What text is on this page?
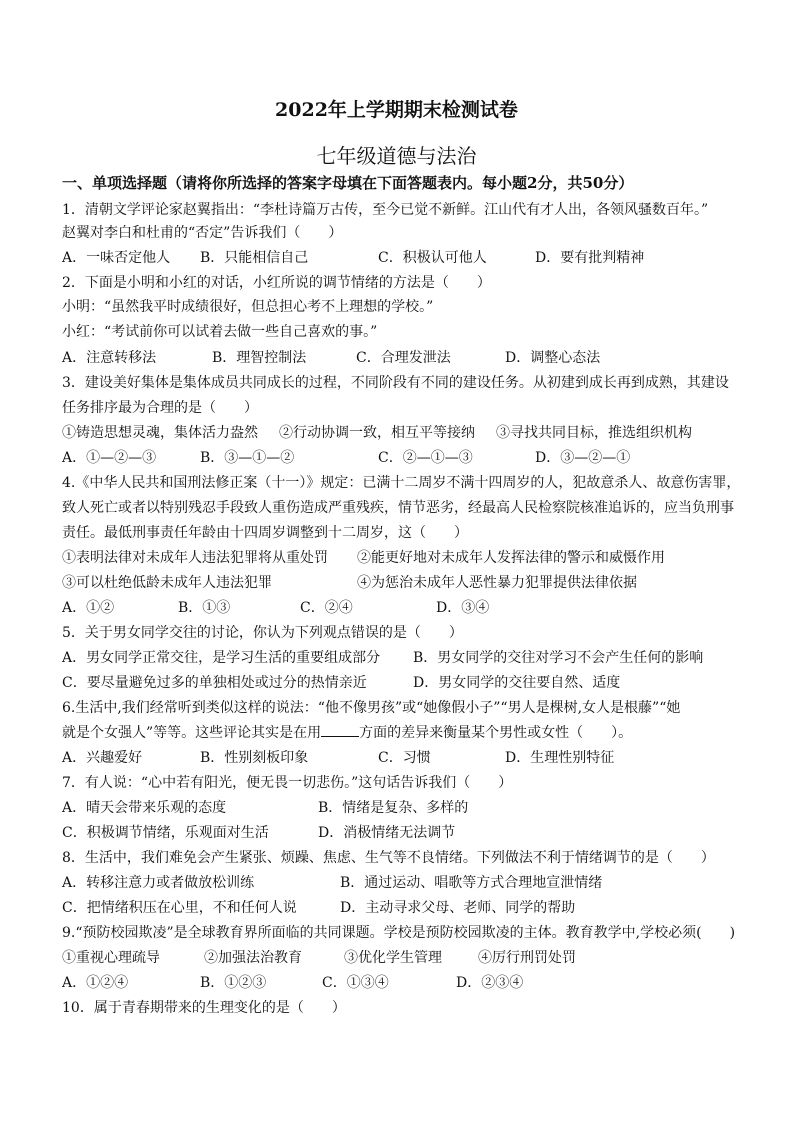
2022年上学期期末检测试卷
七年级道德与法治
一、单项选择题（请将你所选择的答案字母填在下面答题表内。每小题2分，共50分）
1．清朝文学评论家赵翼指出：“李杜诗篇万古传，至今已觉不新鲜。江山代有才人出，各领风骚数百年。”
赵翼对李白和杜甫的“否定”告诉我们（　　）
A．一味否定他人 B．只能相信自己	C．积极认可他人	D．要有批判精神
2．下面是小明和小红的对话，小红所说的调节情绪的方法是（　　）
小明：“虽然我平时成绩很好，但总担心考不上理想的学校。”
小红：“考试前你可以试着去做一些自己喜欢的事。”
A．注意转移法	B．理智控制法	C．合理发泄法	D．调整心态法
3．建设美好集体是集体成员共同成长的过程，不同阶段有不同的建设任务。从初建到成长再到成熟，其建设
任务排序最为合理的是（　　）
①铸造思想灵魂，集体活力盎然 ②行动协调一致，相互平等接纳 ③寻找共同目标，推选组织机构
A．①—②—③	B．③—①—②	C．②—①—③	D．③—②—①
4.《中华人民共和国刑法修正案（十一）》规定：已满十二周岁不满十四周岁的人，犯故意杀人、故意伤害罪，
致人死亡或者以特别残忍手段致人重伤造成严重残疾，情节恶劣，经最高人民检察院核准追诉的，应当负刑事
责任。最低刑事责任年龄由十四周岁调整到十二周岁，这（　　）
①表明法律对未成年人违法犯罪将从重处罚 ②能更好地对未成年人发挥法律的警示和威慑作用
③可以杜绝低龄未成年人违法犯罪	④为惩治未成年人恶性暴力犯罪提供法律依据
A．①②	B．①③	C．②④	D．③④
5．关于男女同学交往的讨论，你认为下列观点错误的是（　　）
A．男女同学正常交往，是学习生活的重要组成部分 B．男女同学的交往对学习不会产生任何的影响
C．要尽量避免过多的单独相处或过分的热情亲近	D．男女同学的交往要自然、适度
6.生活中,我们经常听到类似这样的说法：“他不像男孩”或“她像假小子”“男人是棵树,女人是根藤”“她
就是个女强人”等等。这些评论其实是在用	方面的差异来衡量某个男性或女性（　　）。
A．兴趣爱好	B．性别刻板印象	C．习惯	D．生理性别特征
7．有人说：“心中若有阳光，便无畏一切悲伤。”这句话告诉我们（　　）
A．晴天会带来乐观的态度	B．情绪是复杂、多样的
C．积极调节情绪，乐观面对生活	D．消极情绪无法调节
8．生活中，我们难免会产生紧张、烦躁、焦虑、生气等不良情绪。下列做法不利于情绪调节的是（　　）
A．转移注意力或者做放松训练	B．通过运动、唱歌等方式合理地宣泄情绪
C．把情绪积压在心里，不和任何人说	D．主动寻求父母、老师、同学的帮助
9.“预防校园欺凌”是全球教育界所面临的共同课题。学校是预防校园欺凌的主体。教育教学中,学校必须(　　)
①重视心理疏导	②加强法治教育	③优化学生管理	④厉行刑罚处罚
A．①②④	B．①②③	C．①③④	D．②③④
10．属于青春期带来的生理变化的是（　　）
